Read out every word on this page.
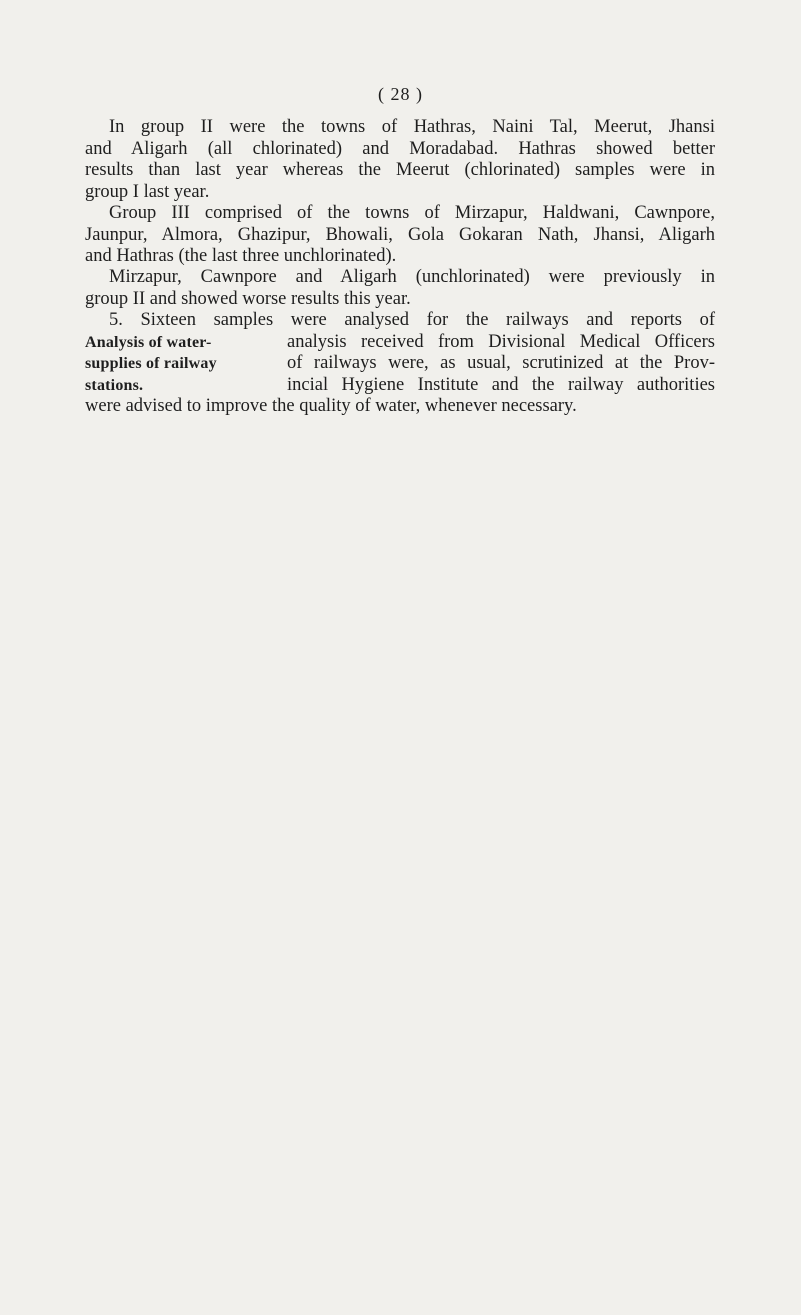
( 28 )
In group II were the towns of Hathras, Naini Tal, Meerut, Jhansi
and Aligarh (all chlorinated) and Moradabad. Hathras showed better
results than last year whereas the Meerut (chlorinated) samples were in
group I last year.
Group III comprised of the towns of Mirzapur, Haldwani, Cawnpore,
Jaunpur, Almora, Ghazipur, Bhowali, Gola Gokaran Nath, Jhansi, Aligarh
and Hathras (the last three unchlorinated).
Mirzapur, Cawnpore and Aligarh (unchlorinated) were previously in
group II and showed worse results this year.
5. Sixteen samples were analysed for the railways and reports of
Analysis of water-	analysis received from Divisional Medical Officers
supplies of railway	of railways were, as usual, scrutinized at the Prov-
stations.	incial Hygiene Institute and the railway authorities
were advised to improve the quality of water, whenever necessary.
